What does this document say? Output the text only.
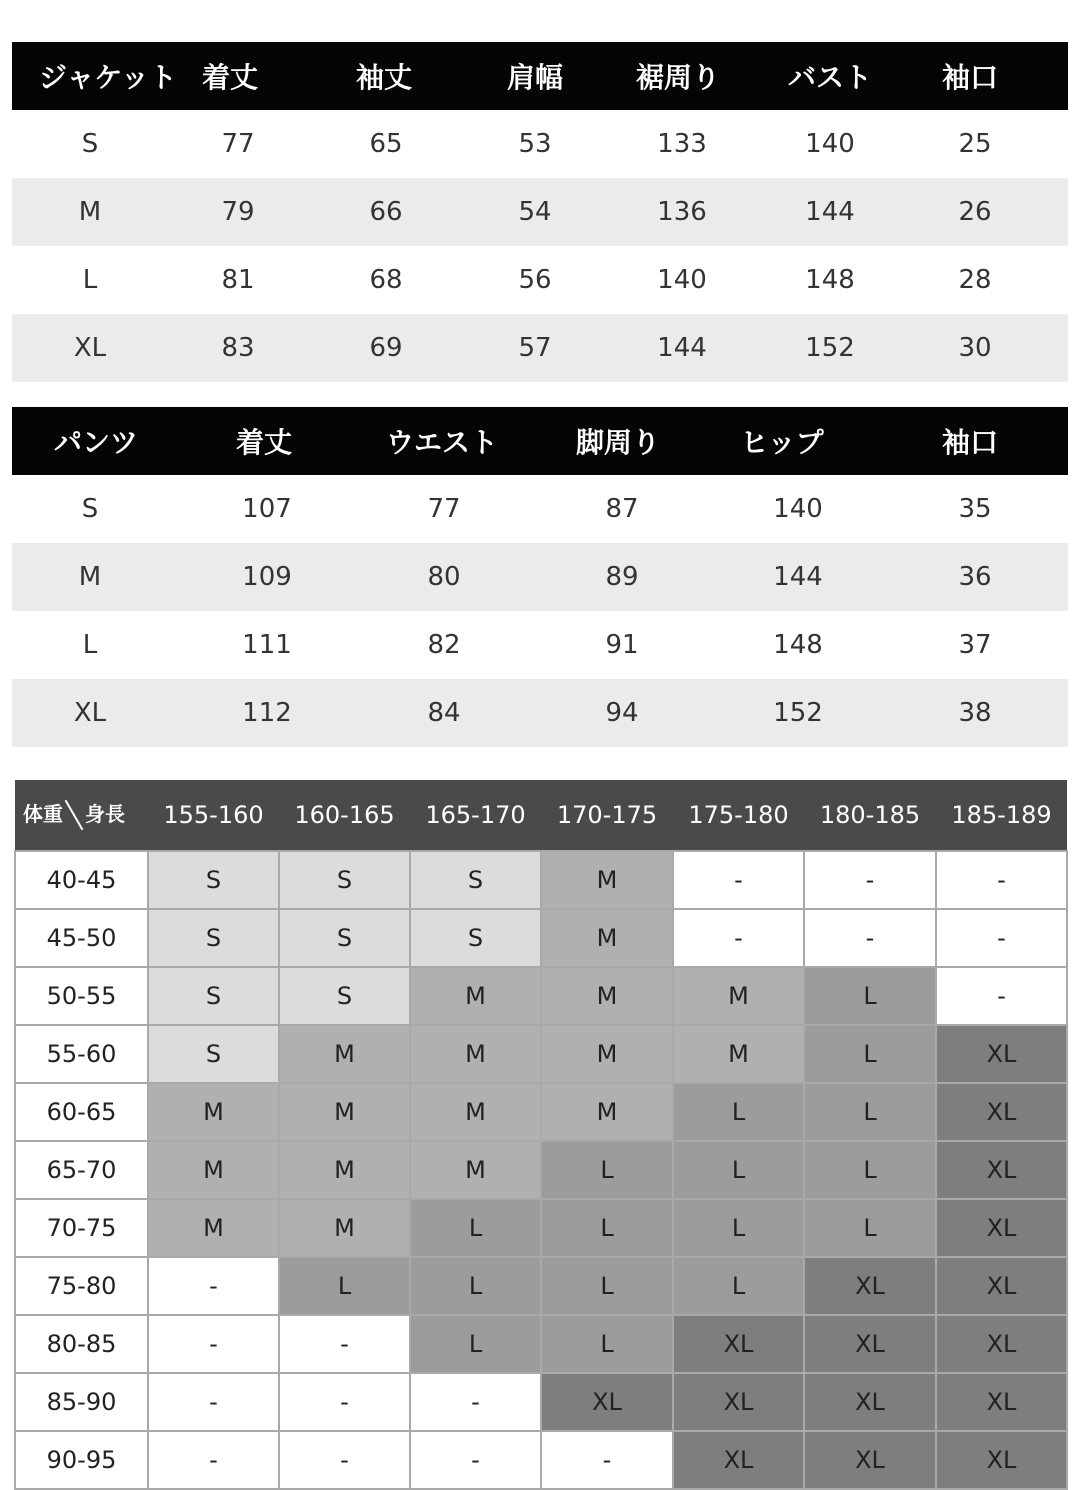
ジャケット 着丈	袖丈	肩幅	裾周り バスト 袖口
S	77	65	53	133	140	25
M	79	66	54	136	144	26
L	81	68	56	140	148	28
XL	83	69	57	144	152	30
パンツ	着丈	ウエスト	脚周り	ヒップ	袖口
S	107	77	87	140	35
M	109	80	89	144	36
L	111	82	91	148	37
XL	112	84	94	152	38
体重 身長	155-160	160-165	165-170	170-175	175-180	180-185	185-189
40-45	S	S	S	M	-	-	-
45-50	S	S	S	M	-	-	-
50-55	S	S	M	M	M	L	-
55-60	S	M	M	M	M	L	XL
60-65	M	M	M	M	L	L	XL
65-70	M	M	M	L	L	L	XL
70-75	M	M	L	L	L	L	XL
75-80	-	L	L	L	L	XL	XL
80-85	-	-	L	L	XL	XL	XL
85-90	-	-	-	XL	XL	XL	XL
90-95	-	-	-	-	XL	XL	XL
